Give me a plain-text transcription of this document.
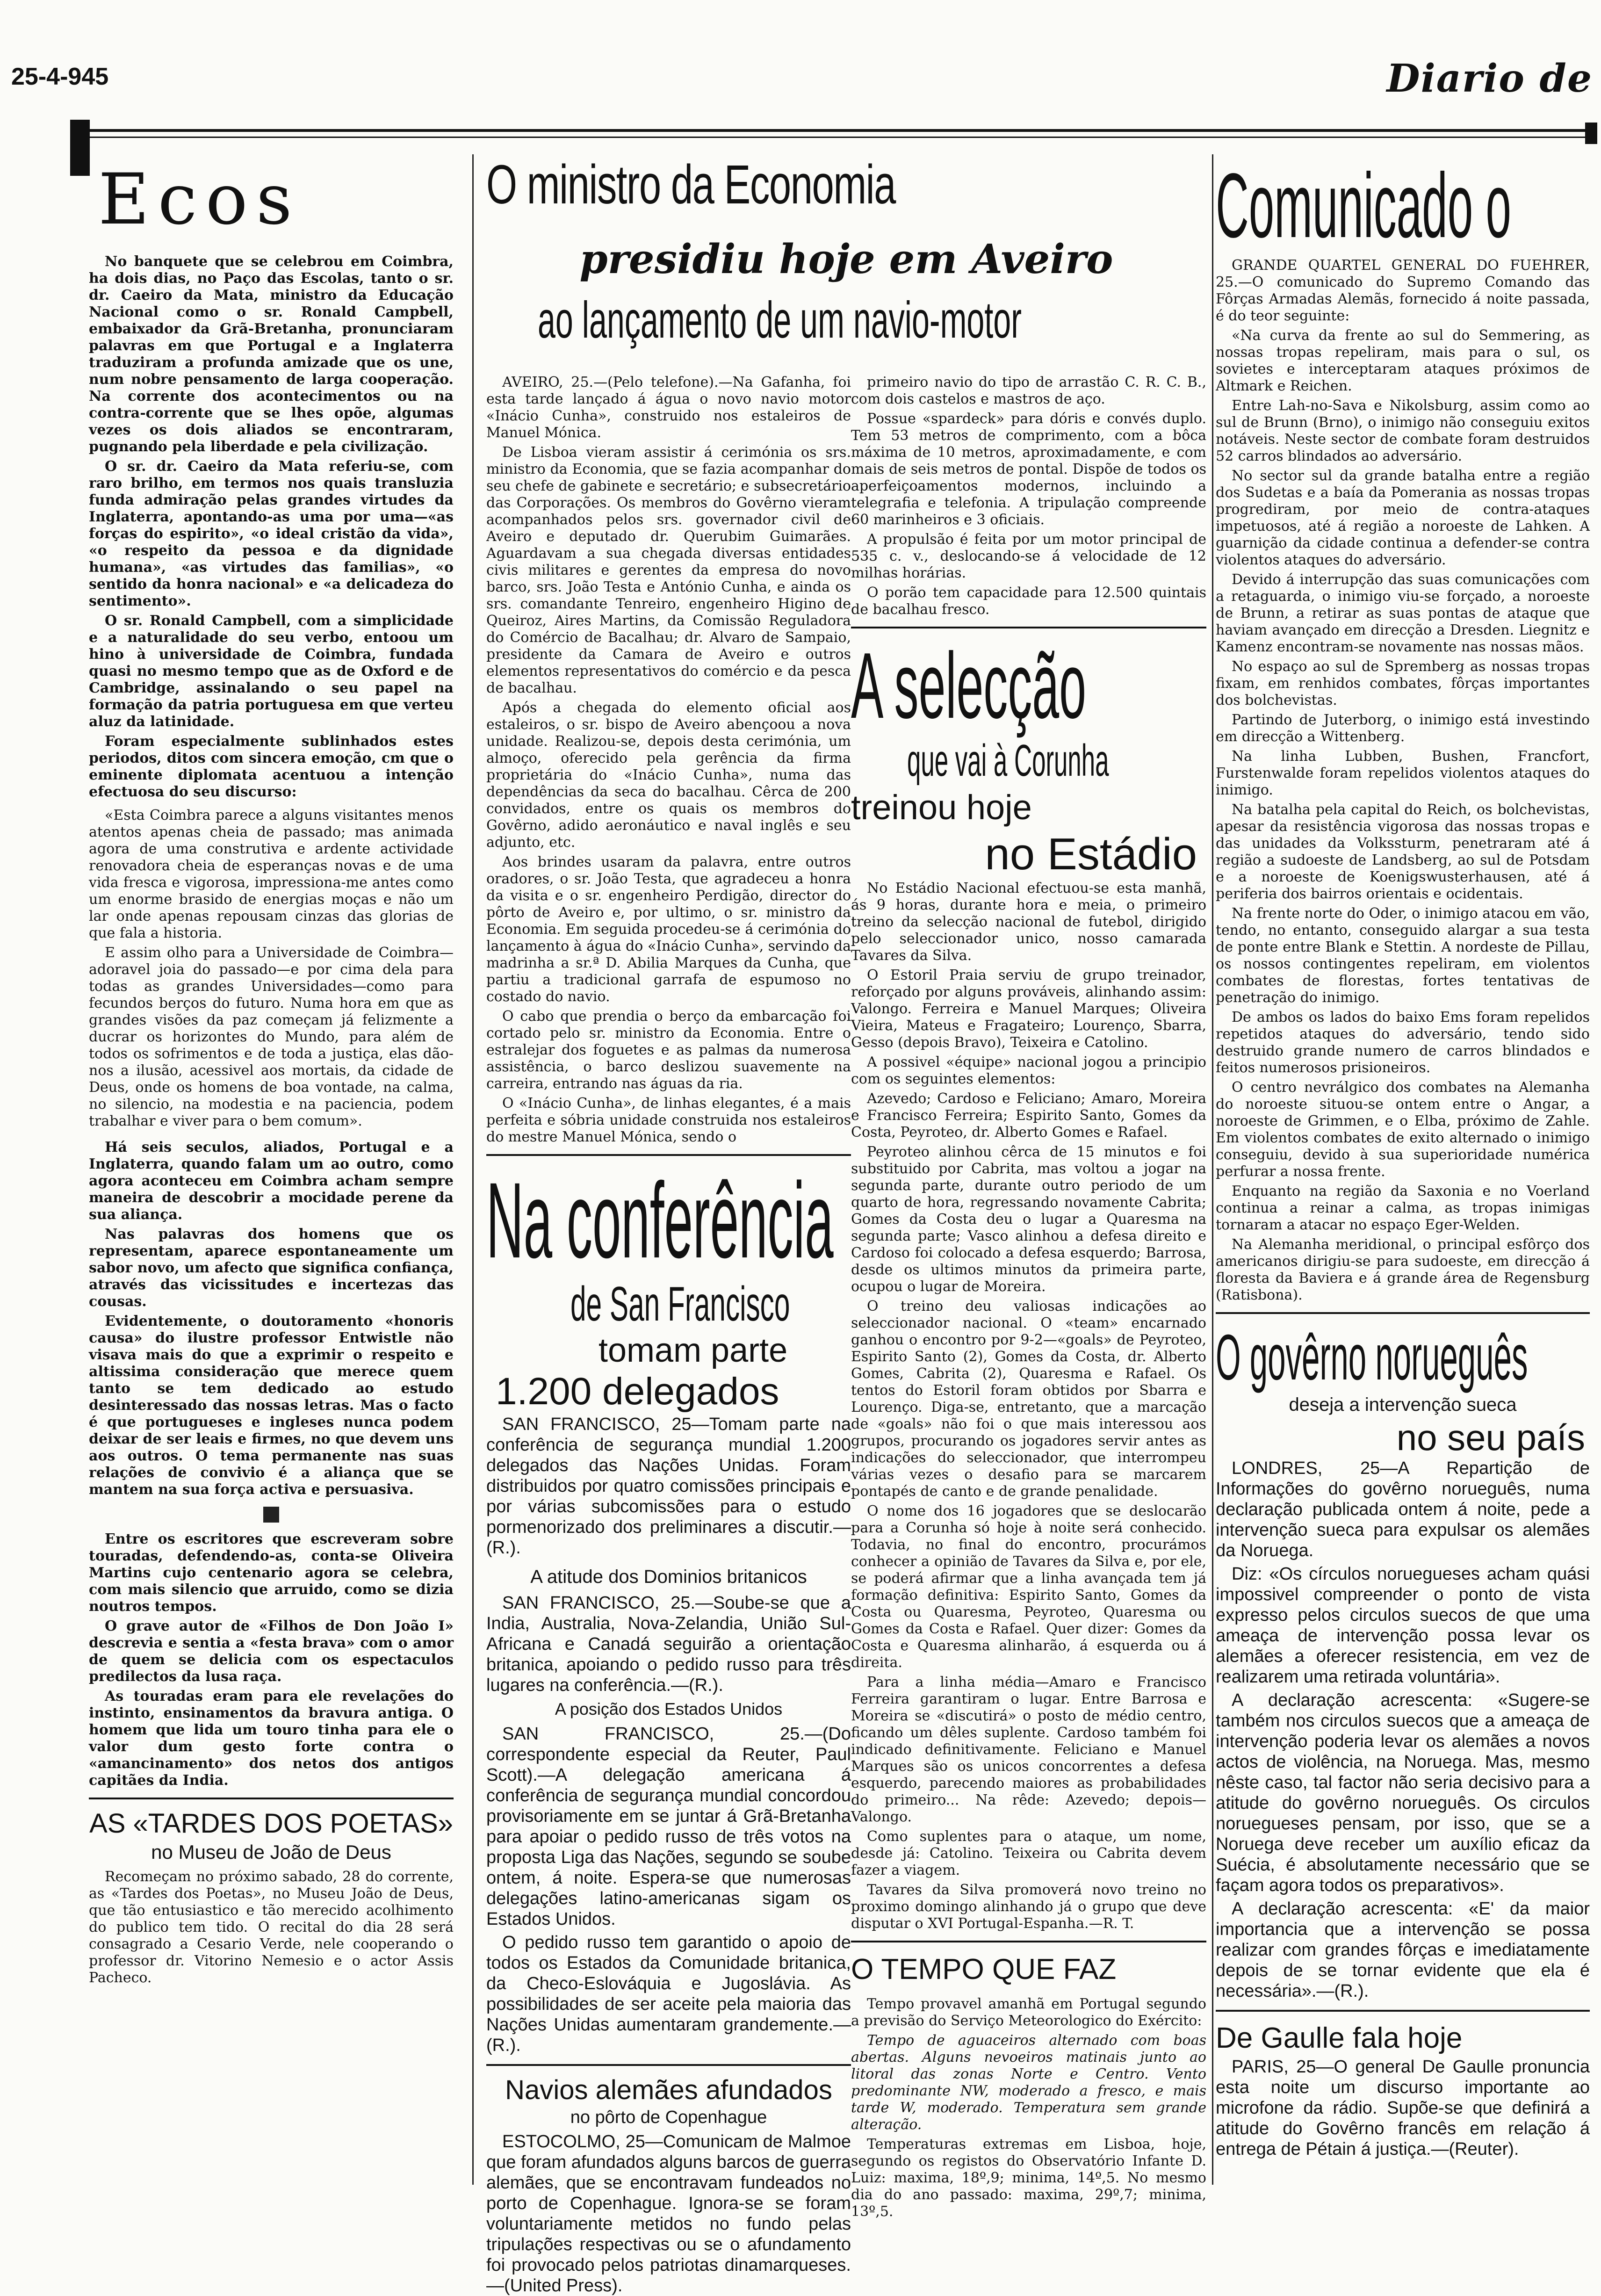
25-4-945	Diario de
Ecos

No banquete que se celebrou em Coimbra, ha dois dias, no Paço das Escolas, tanto o sr. dr. Caeiro da Mata, ministro da Educação Nacional como o sr. Ronald Campbell, embaixador da Grã-Bretanha, pronunciaram palavras em que Portugal e a Inglaterra traduziram a profunda amizade que os une, num nobre pensamento de larga cooperação. Na corrente dos acontecimentos ou na contra-corrente que se lhes opõe, algumas vezes os dois aliados se encontraram, pugnando pela liberdade e pela civilização.

O sr. dr. Caeiro da Mata referiu-se, com raro brilho, em termos nos quais transluzia funda admiração pelas grandes virtudes da Inglaterra, apontando-as uma por uma—«as forças do espirito», «o ideal cristão da vida», «o respeito da pessoa e da dignidade humana», «as virtudes das familias», «o sentido da honra nacional» e «a delicadeza do sentimento».

O sr. Ronald Campbell, com a simplicidade e a naturalidade do seu verbo, entoou um hino à universidade de Coimbra, fundada quasi no mesmo tempo que as de Oxford e de Cambridge, assinalando o seu papel na formação da patria portuguesa em que verteu aluz da latinidade.

Foram especialmente sublinhados estes periodos, ditos com sincera emoção, cm que o eminente diplomata acentuou a intenção efectuosa do seu discurso:

«Esta Coimbra parece a alguns visitantes menos atentos apenas cheia de passado; mas animada agora de uma construtiva e ardente actividade renovadora cheia de esperanças novas e de uma vida fresca e vigorosa, impressiona-me antes como um enorme brasido de energias moças e não um lar onde apenas repousam cinzas das glorias de que fala a historia.

E assim olho para a Universidade de Coimbra—adoravel joia do passado—e por cima dela para todas as grandes Universidades—como para fecundos berços do futuro. Numa hora em que as grandes visões da paz começam já felizmente a ducrar os horizontes do Mundo, para além de todos os sofrimentos e de toda a justiça, elas dão-nos a ilusão, acessivel aos mortais, da cidade de Deus, onde os homens de boa vontade, na calma, no silencio, na modestia e na paciencia, podem trabalhar e viver para o bem comum».

Há seis seculos, aliados, Portugal e a Inglaterra, quando falam um ao outro, como agora aconteceu em Coimbra acham sempre maneira de descobrir a mocidade perene da sua aliança.

Nas palavras dos homens que os representam, aparece espontaneamente um sabor novo, um afecto que significa confiança, através das vicissitudes e incertezas das cousas.

Evidentemente, o doutoramento «honoris causa» do ilustre professor Entwistle não visava mais do que a exprimir o respeito e altissima consideração que merece quem tanto se tem dedicado ao estudo desinteressado das nossas letras. Mas o facto é que portugueses e ingleses nunca podem deixar de ser leais e firmes, no que devem uns aos outros. O tema permanente nas suas relações de convivio é a aliança que se mantem na sua força activa e persuasiva.

Entre os escritores que escreveram sobre touradas, defendendo-as, conta-se Oliveira Martins cujo centenario agora se celebra, com mais silencio que arruido, como se dizia noutros tempos.

O grave autor de «Filhos de Don João I» descrevia e sentia a «festa brava» com o amor de quem se delicia com os espectaculos predilectos da lusa raça.

As touradas eram para ele revelações do instinto, ensinamentos da bravura antiga. O homem que lida um touro tinha para ele o valor dum gesto forte contra o «amancinamento» dos netos dos antigos capitães da India.

AS «TARDES DOS POETAS»
no Museu de João de Deus

Recomeçam no próximo sabado, 28 do corrente, as «Tardes dos Poetas», no Museu João de Deus, que tão entusiastico e tão merecido acolhimento do publico tem tido. O recital do dia 28 será consagrado a Cesario Verde, nele cooperando o professor dr. Vitorino Nemesio e o actor Assis Pacheco.

O ministro da Economia
presidiu hoje em Aveiro
ao lançamento de um navio-motor

AVEIRO, 25.—(Pelo telefone).—Na Gafanha, foi esta tarde lançado á água o novo navio motor «Inácio Cunha», construido nos estaleiros de Manuel Mónica.

De Lisboa vieram assistir á cerimónia os srs. ministro da Economia, que se fazia acompanhar do seu chefe de gabinete e secretário; e subsecretário das Corporações. Os membros do Govêrno vieram acompanhados pelos srs. governador civil de Aveiro e deputado dr. Querubim Guimarães. Aguardavam a sua chegada diversas entidades civis militares e gerentes da empresa do novo barco, srs. João Testa e António Cunha, e ainda os srs. comandante Tenreiro, engenheiro Higino de Queiroz, Aires Martins, da Comissão Reguladora do Comércio de Bacalhau; dr. Alvaro de Sampaio, presidente da Camara de Aveiro e outros elementos representativos do comércio e da pesca de bacalhau.

Após a chegada do elemento oficial aos estaleiros, o sr. bispo de Aveiro abençoou a nova unidade. Realizou-se, depois desta cerimónia, um almoço, oferecido pela gerência da firma proprietária do «Inácio Cunha», numa das dependências da seca do bacalhau. Cêrca de 200 convidados, entre os quais os membros do Govêrno, adido aeronáutico e naval inglês e seu adjunto, etc.

Aos brindes usaram da palavra, entre outros oradores, o sr. João Testa, que agradeceu a honra da visita e o sr. engenheiro Perdigão, director do pôrto de Aveiro e, por ultimo, o sr. ministro da Economia. Em seguida procedeu-se á cerimónia do lançamento à água do «Inácio Cunha», servindo da madrinha a sr.ª D. Abilia Marques da Cunha, que partiu a tradicional garrafa de espumoso no costado do navio.

O cabo que prendia o berço da embarcação foi cortado pelo sr. ministro da Economia. Entre o estralejar dos foguetes e as palmas da numerosa assistência, o barco deslizou suavemente na carreira, entrando nas águas da ria.

O «Inácio Cunha», de linhas elegantes, é a mais perfeita e sóbria unidade construida nos estaleiros do mestre Manuel Mónica, sendo o

Na conferência
de San Francisco
tomam parte
1.200 delegados

SAN FRANCISCO, 25—Tomam parte na conferência de segurança mundial 1.200 delegados das Nações Unidas. Foram distribuidos por quatro comissões principais e por várias subcomissões para o estudo pormenorizado dos preliminares a discutir.—(R.).

A atitude dos Dominios britanicos

SAN FRANCISCO, 25.—Soube-se que a India, Australia, Nova-Zelandia, União Sul-Africana e Canadá seguirão a orientação britanica, apoiando o pedido russo para três lugares na conferência.—(R.).

A posição dos Estados Unidos

SAN FRANCISCO, 25.—(Do correspondente especial da Reuter, Paul Scott).—A delegação americana á conferência de segurança mundial concordou provisoriamente em se juntar á Grã-Bretanha para apoiar o pedido russo de três votos na proposta Liga das Nações, segundo se soube ontem, á noite. Espera-se que numerosas delegações latino-americanas sigam os Estados Unidos.

O pedido russo tem garantido o apoio de todos os Estados da Comunidade britanica, da Checo-Eslováquia e Jugoslávia. As possibilidades de ser aceite pela maioria das Nações Unidas aumentaram grandemente.—(R.).

Navios alemães afundados
no pôrto de Copenhague

ESTOCOLMO, 25—Comunicam de Malmoe que foram afundados alguns barcos de guerra alemães, que se encontravam fundeados no porto de Copenhague. Ignora-se se foram voluntariamente metidos no fundo pelas tripulações respectivas ou se o afundamento foi provocado pelos patriotas dinamarqueses.—(United Press).

primeiro navio do tipo de arrastão C. R. C. B., com dois castelos e mastros de aço.

Possue «spardeck» para dóris e convés duplo. Tem 53 metros de comprimento, com a bôca máxima de 10 metros, aproximadamente, e com mais de seis metros de pontal. Dispõe de todos os aperfeiçoamentos modernos, incluindo a telegrafia e telefonia. A tripulação compreende 60 marinheiros e 3 oficiais.

A propulsão é feita por um motor principal de 535 c. v., deslocando-se á velocidade de 12 milhas horárias.

O porão tem capacidade para 12.500 quintais de bacalhau fresco.

A selecção
que vai à Corunha
treinou hoje
no Estádio

No Estádio Nacional efectuou-se esta manhã, ás 9 horas, durante hora e meia, o primeiro treino da selecção nacional de futebol, dirigido pelo seleccionador unico, nosso camarada Tavares da Silva.

O Estoril Praia serviu de grupo treinador, reforçado por alguns prováveis, alinhando assim: Valongo. Ferreira e Manuel Marques; Oliveira Vieira, Mateus e Fragateiro; Lourenço, Sbarra, Gesso (depois Bravo), Teixeira e Catolino.

A possivel «équipe» nacional jogou a principio com os seguintes elementos:

Azevedo; Cardoso e Feliciano; Amaro, Moreira e Francisco Ferreira; Espirito Santo, Gomes da Costa, Peyroteo, dr. Alberto Gomes e Rafael.

Peyroteo alinhou cêrca de 15 minutos e foi substituido por Cabrita, mas voltou a jogar na segunda parte, durante outro periodo de um quarto de hora, regressando novamente Cabrita; Gomes da Costa deu o lugar a Quaresma na segunda parte; Vasco alinhou a defesa direito e Cardoso foi colocado a defesa esquerdo; Barrosa, desde os ultimos minutos da primeira parte, ocupou o lugar de Moreira.

O treino deu valiosas indicações ao seleccionador nacional. O «team» encarnado ganhou o encontro por 9-2—«goals» de Peyroteo, Espirito Santo (2), Gomes da Costa, dr. Alberto Gomes, Cabrita (2), Quaresma e Rafael. Os tentos do Estoril foram obtidos por Sbarra e Lourenço. Diga-se, entretanto, que a marcação de «goals» não foi o que mais interessou aos grupos, procurando os jogadores servir antes as indicações do seleccionador, que interrompeu várias vezes o desafio para se marcarem pontapés de canto e de grande penalidade.

O nome dos 16 jogadores que se deslocarão para a Corunha só hoje à noite será conhecido. Todavia, no final do encontro, procurámos conhecer a opinião de Tavares da Silva e, por ele, se poderá afirmar que a linha avançada tem já formação definitiva: Espirito Santo, Gomes da Costa ou Quaresma, Peyroteo, Quaresma ou Gomes da Costa e Rafael. Quer dizer: Gomes da Costa e Quaresma alinharão, á esquerda ou á direita.

Para a linha média—Amaro e Francisco Ferreira garantiram o lugar. Entre Barrosa e Moreira se «discutirá» o posto de médio centro, ficando um dêles suplente. Cardoso também foi indicado definitivamente. Feliciano e Manuel Marques são os unicos concorrentes a defesa esquerdo, parecendo maiores as probabilidades do primeiro... Na rêde: Azevedo; depois—Valongo.

Como suplentes para o ataque, um nome, desde já: Catolino. Teixeira ou Cabrita devem fazer a viagem.

Tavares da Silva promoverá novo treino no proximo domingo alinhando já o grupo que deve disputar o XVI Portugal-Espanha.—R. T.

O TEMPO QUE FAZ

Tempo provavel amanhã em Portugal segundo a previsão do Serviço Meteorologico do Exército:

Tempo de aguaceiros alternado com boas abertas. Alguns nevoeiros matinais junto ao litoral das zonas Norte e Centro. Vento predominante NW, moderado a fresco, e mais tarde W, moderado. Temperatura sem grande alteração.

Temperaturas extremas em Lisboa, hoje, segundo os registos do Observatório Infante D. Luiz: maxima, 18º,9; minima, 14º,5. No mesmo dia do ano passado: maxima, 29º,7; minima, 13º,5.

Comunicado o

GRANDE QUARTEL GENERAL DO FUEHRER, 25.—O comunicado do Supremo Comando das Fôrças Armadas Alemãs, fornecido á noite passada, é do teor seguinte:

«Na curva da frente ao sul do Semmering, as nossas tropas repeliram, mais para o sul, os sovietes e interceptaram ataques próximos de Altmark e Reichen.

Entre Lah-no-Sava e Nikolsburg, assim como ao sul de Brunn (Brno), o inimigo não conseguiu exitos notáveis. Neste sector de combate foram destruidos 52 carros blindados ao adversário.

No sector sul da grande batalha entre a região dos Sudetas e a baía da Pomerania as nossas tropas progrediram, por meio de contra-ataques impetuosos, até á região a noroeste de Lahken. A guarnição da cidade continua a defender-se contra violentos ataques do adversário.

Devido á interrupção das suas comunicações com a retaguarda, o inimigo viu-se forçado, a noroeste de Brunn, a retirar as suas pontas de ataque que haviam avançado em direcção a Dresden. Liegnitz e Kamenz encontram-se novamente nas nossas mãos.

No espaço ao sul de Spremberg as nossas tropas fixam, em renhidos combates, fôrças importantes dos bolchevistas.

Partindo de Juterborg, o inimigo está investindo em direcção a Wittenberg.

Na linha Lubben, Bushen, Francfort, Furstenwalde foram repelidos violentos ataques do inimigo.

Na batalha pela capital do Reich, os bolchevistas, apesar da resistência vigorosa das nossas tropas e das unidades da Volkssturm, penetraram até á região a sudoeste de Landsberg, ao sul de Potsdam e a noroeste de Koenigswusterhausen, até á periferia dos bairros orientais e ocidentais.

Na frente norte do Oder, o inimigo atacou em vão, tendo, no entanto, conseguido alargar a sua testa de ponte entre Blank e Stettin. A nordeste de Pillau, os nossos contingentes repeliram, em violentos combates de florestas, fortes tentativas de penetração do inimigo.

De ambos os lados do baixo Ems foram repelidos repetidos ataques do adversário, tendo sido destruido grande numero de carros blindados e feitos numerosos prisioneiros.

O centro nevrálgico dos combates na Alemanha do noroeste situou-se ontem entre o Angar, a noroeste de Grimmen, e o Elba, próximo de Zahle. Em violentos combates de exito alternado o inimigo conseguiu, devido à sua superioridade numérica perfurar a nossa frente.

Enquanto na região da Saxonia e no Voerland continua a reinar a calma, as tropas inimigas tornaram a atacar no espaço Eger-Welden.

Na Alemanha meridional, o principal esfôrço dos americanos dirigiu-se para sudoeste, em direcção á floresta da Baviera e á grande área de Regensburg (Ratisbona).

O govêrno norueguês
deseja a intervenção sueca
no seu país

LONDRES, 25—A Repartição de Informações do govêrno norueguês, numa declaração publicada ontem á noite, pede a intervenção sueca para expulsar os alemães da Noruega.

Diz: «Os círculos noruegueses acham quási impossivel compreender o ponto de vista expresso pelos circulos suecos de que uma ameaça de intervenção possa levar os alemães a oferecer resistencia, em vez de realizarem uma retirada voluntária».

A declaração acrescenta: «Sugere-se também nos circulos suecos que a ameaça de intervenção poderia levar os alemães a novos actos de violência, na Noruega. Mas, mesmo nêste caso, tal factor não seria decisivo para a atitude do govêrno norueguês. Os circulos noruegueses pensam, por isso, que se a Noruega deve receber um auxílio eficaz da Suécia, é absolutamente necessário que se façam agora todos os preparativos».

A declaração acrescenta: «E' da maior importancia que a intervenção se possa realizar com grandes fôrças e imediatamente depois de se tornar evidente que ela é necessária».—(R.).

De Gaulle fala hoje

PARIS, 25—O general De Gaulle pronuncia esta noite um discurso importante ao microfone da rádio. Supõe-se que definirá a atitude do Govêrno francês em relação á entrega de Pétain á justiça.—(Reuter).
